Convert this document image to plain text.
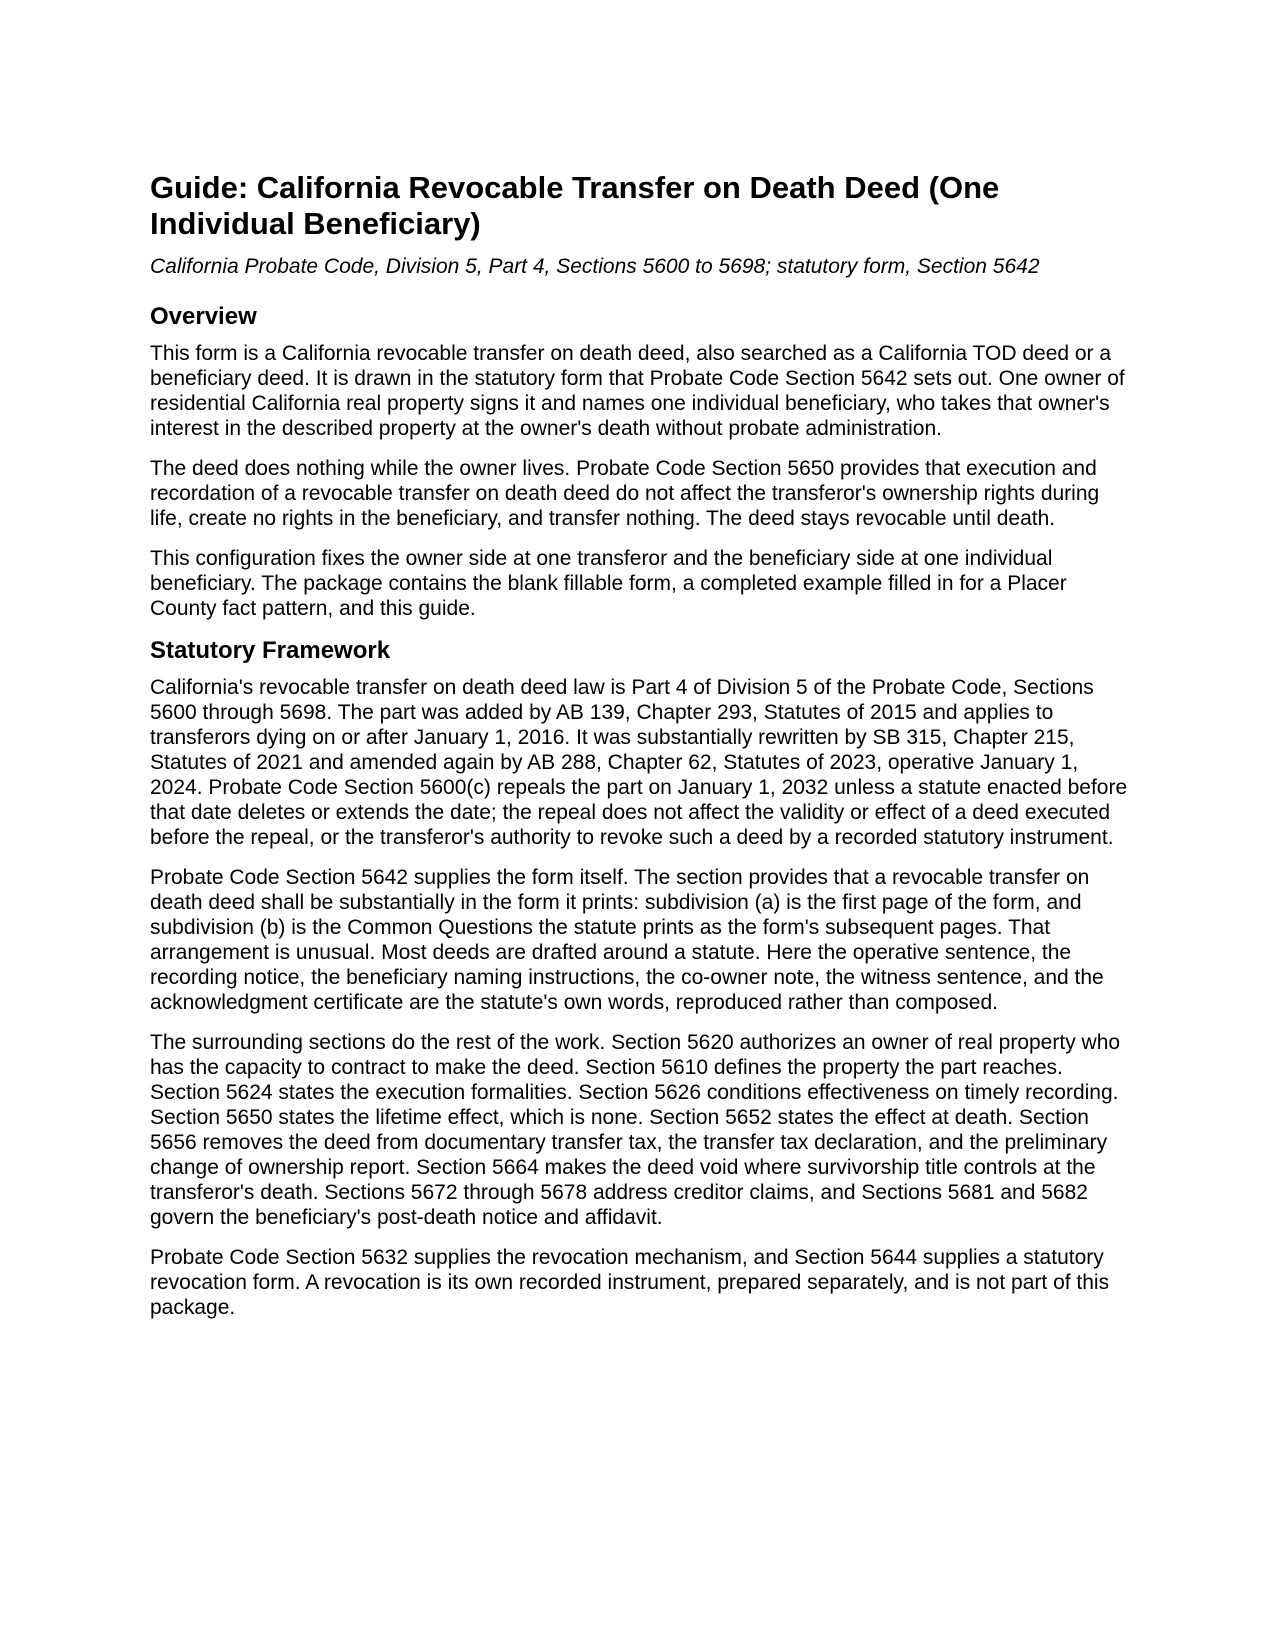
Guide: California Revocable Transfer on Death Deed (One Individual Beneficiary)
California Probate Code, Division 5, Part 4, Sections 5600 to 5698; statutory form, Section 5642
Overview

This form is a California revocable transfer on death deed, also searched as a California TOD deed or a beneficiary deed. It is drawn in the statutory form that Probate Code Section 5642 sets out. One owner of residential California real property signs it and names one individual beneficiary, who takes that owner's interest in the described property at the owner's death without probate administration.

The deed does nothing while the owner lives. Probate Code Section 5650 provides that execution and recordation of a revocable transfer on death deed do not affect the transferor's ownership rights during life, create no rights in the beneficiary, and transfer nothing. The deed stays revocable until death.

This configuration fixes the owner side at one transferor and the beneficiary side at one individual beneficiary. The package contains the blank fillable form, a completed example filled in for a Placer County fact pattern, and this guide.

Statutory Framework

California's revocable transfer on death deed law is Part 4 of Division 5 of the Probate Code, Sections 5600 through 5698. The part was added by AB 139, Chapter 293, Statutes of 2015 and applies to transferors dying on or after January 1, 2016. It was substantially rewritten by SB 315, Chapter 215, Statutes of 2021 and amended again by AB 288, Chapter 62, Statutes of 2023, operative January 1, 2024. Probate Code Section 5600(c) repeals the part on January 1, 2032 unless a statute enacted before that date deletes or extends the date; the repeal does not affect the validity or effect of a deed executed before the repeal, or the transferor's authority to revoke such a deed by a recorded statutory instrument.

Probate Code Section 5642 supplies the form itself. The section provides that a revocable transfer on death deed shall be substantially in the form it prints: subdivision (a) is the first page of the form, and subdivision (b) is the Common Questions the statute prints as the form's subsequent pages. That arrangement is unusual. Most deeds are drafted around a statute. Here the operative sentence, the recording notice, the beneficiary naming instructions, the co-owner note, the witness sentence, and the acknowledgment certificate are the statute's own words, reproduced rather than composed.

The surrounding sections do the rest of the work. Section 5620 authorizes an owner of real property who has the capacity to contract to make the deed. Section 5610 defines the property the part reaches. Section 5624 states the execution formalities. Section 5626 conditions effectiveness on timely recording. Section 5650 states the lifetime effect, which is none. Section 5652 states the effect at death. Section 5656 removes the deed from documentary transfer tax, the transfer tax declaration, and the preliminary change of ownership report. Section 5664 makes the deed void where survivorship title controls at the transferor's death. Sections 5672 through 5678 address creditor claims, and Sections 5681 and 5682 govern the beneficiary's post-death notice and affidavit.

Probate Code Section 5632 supplies the revocation mechanism, and Section 5644 supplies a statutory revocation form. A revocation is its own recorded instrument, prepared separately, and is not part of this package.
